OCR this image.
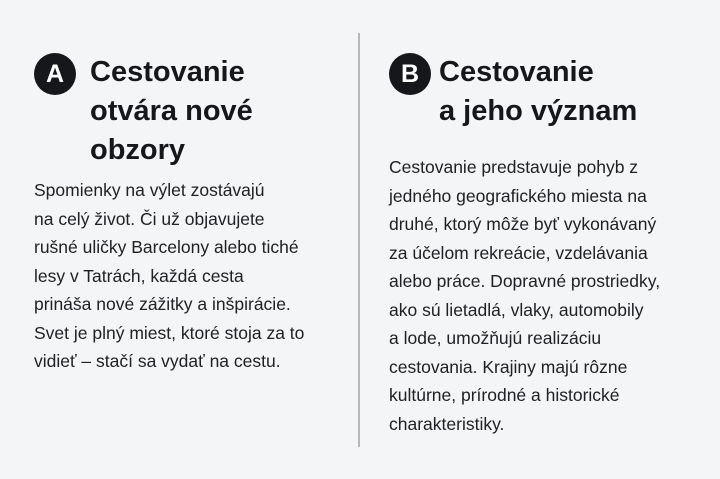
A Cestovanie
otvára nové
obzory

Spomienky na výlet zostávajú
na celý život. Či už objavujete
rušné uličky Barcelony alebo tiché
lesy v Tatrách, každá cesta
prináša nové zážitky a inšpirácie.
Svet je plný miest, ktoré stoja za to
vidieť – stačí sa vydať na cestu.

B Cestovanie
a jeho význam

Cestovanie predstavuje pohyb z
jedného geografického miesta na
druhé, ktorý môže byť vykonávaný
za účelom rekreácie, vzdelávania
alebo práce. Dopravné prostriedky,
ako sú lietadlá, vlaky, automobily
a lode, umožňujú realizáciu
cestovania. Krajiny majú rôzne
kultúrne, prírodné a historické
charakteristiky.
